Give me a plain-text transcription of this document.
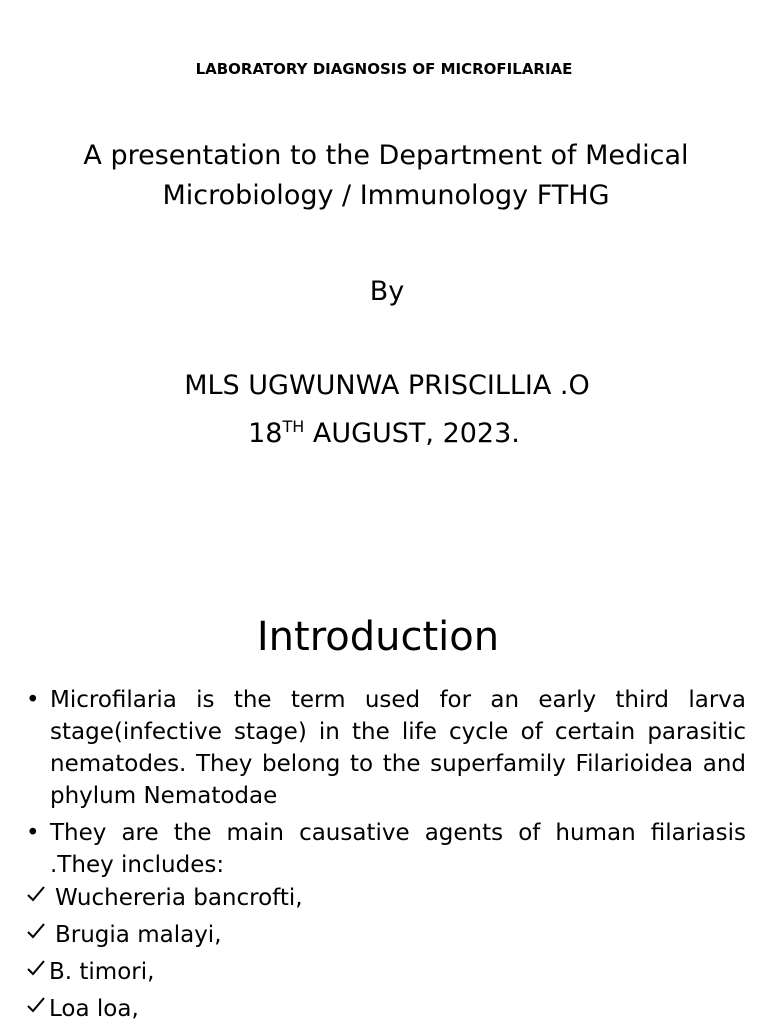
LABORATORY DIAGNOSIS OF MICROFILARIAE
A presentation to the Department of Medical Microbiology / Immunology FTHG
By
MLS UGWUNWA PRISCILLIA .O
18TH AUGUST, 2023.
Introduction
• Microfilaria is the term used for an early third larva stage(infective stage) in the life cycle of certain parasitic nematodes. They belong to the superfamily Filarioidea and phylum Nematodae
• They are the main causative agents of human filariasis .They includes:
Wuchereria bancrofti,
Brugia malayi,
B. timori,
Loa loa,
